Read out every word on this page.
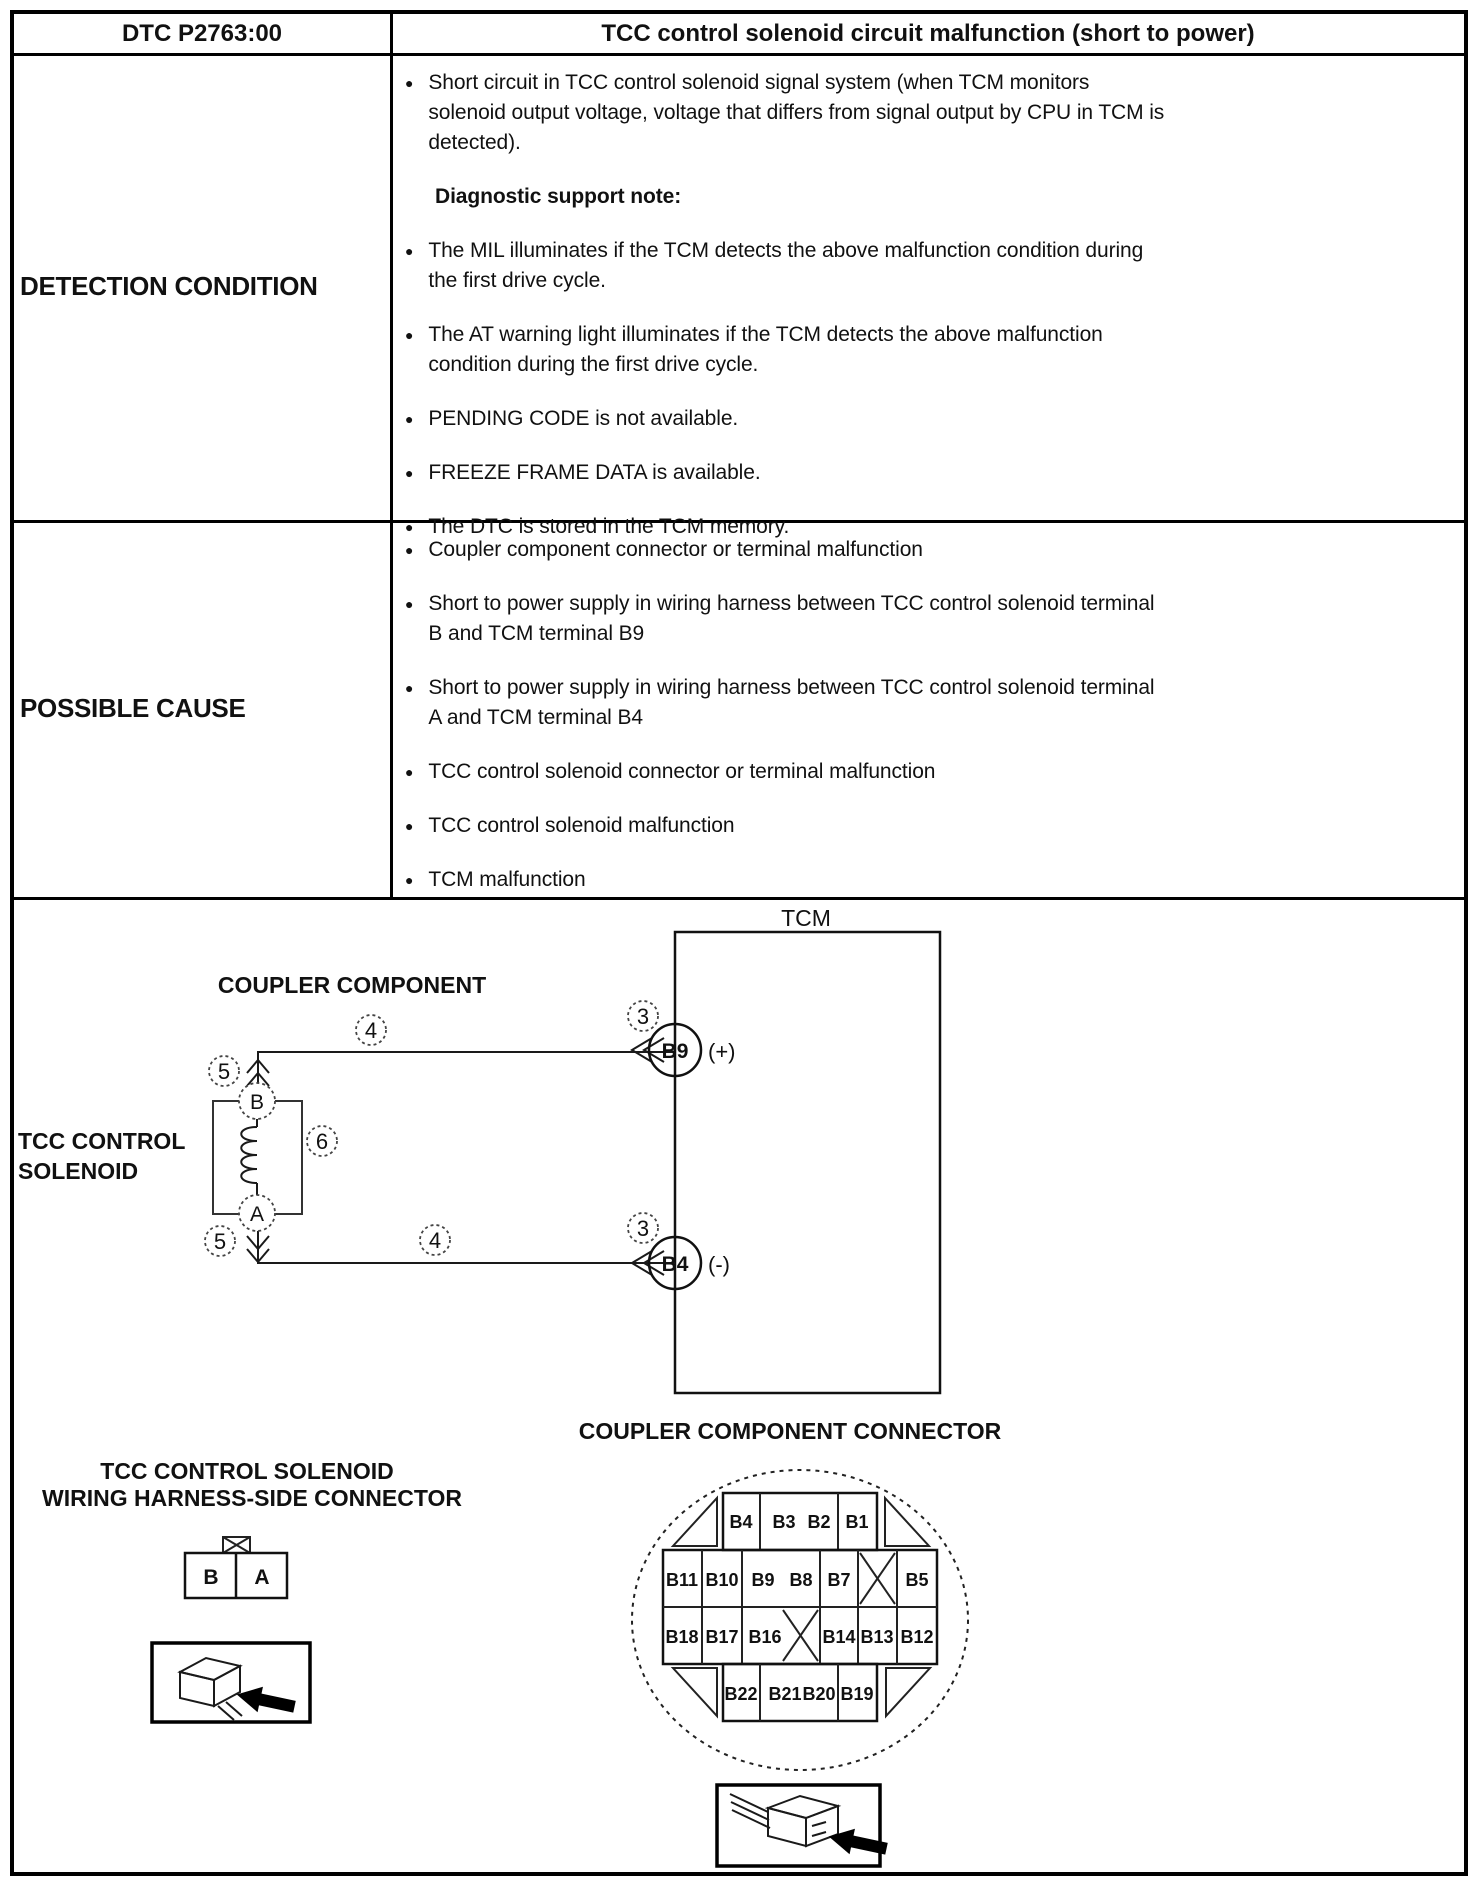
DTC P2763:00	TCC control solenoid circuit malfunction (short to power)
DETECTION CONDITION
● Short circuit in TCC control solenoid signal system (when TCM monitors solenoid output voltage, voltage that differs from signal output by CPU in TCM is detected).
Diagnostic support note:
● The MIL illuminates if the TCM detects the above malfunction condition during the first drive cycle.
● The AT warning light illuminates if the TCM detects the above malfunction condition during the first drive cycle.
● PENDING CODE is not available.
● FREEZE FRAME DATA is available.
● The DTC is stored in the TCM memory.
POSSIBLE CAUSE
● Coupler component connector or terminal malfunction
● Short to power supply in wiring harness between TCC control solenoid terminal B and TCM terminal B9
● Short to power supply in wiring harness between TCC control solenoid terminal A and TCM terminal B4
● TCC control solenoid connector or terminal malfunction
● TCC control solenoid malfunction
● TCM malfunction
TCM
TCC CONTROL
SOLENOID
B9 (+)
B4 (-)
B
A
4
3
5
6
5	4	3
COUPLER COMPONENT
COUPLER COMPONENT CONNECTOR
B4 B3 B2 B1
B11 B10 B9 B8 B7	B5
B18 B17 B16 B14 B13 B12
B22 B21 B20 B19
TCC CONTROL SOLENOID
WIRING HARNESS-SIDE CONNECTOR
B A
